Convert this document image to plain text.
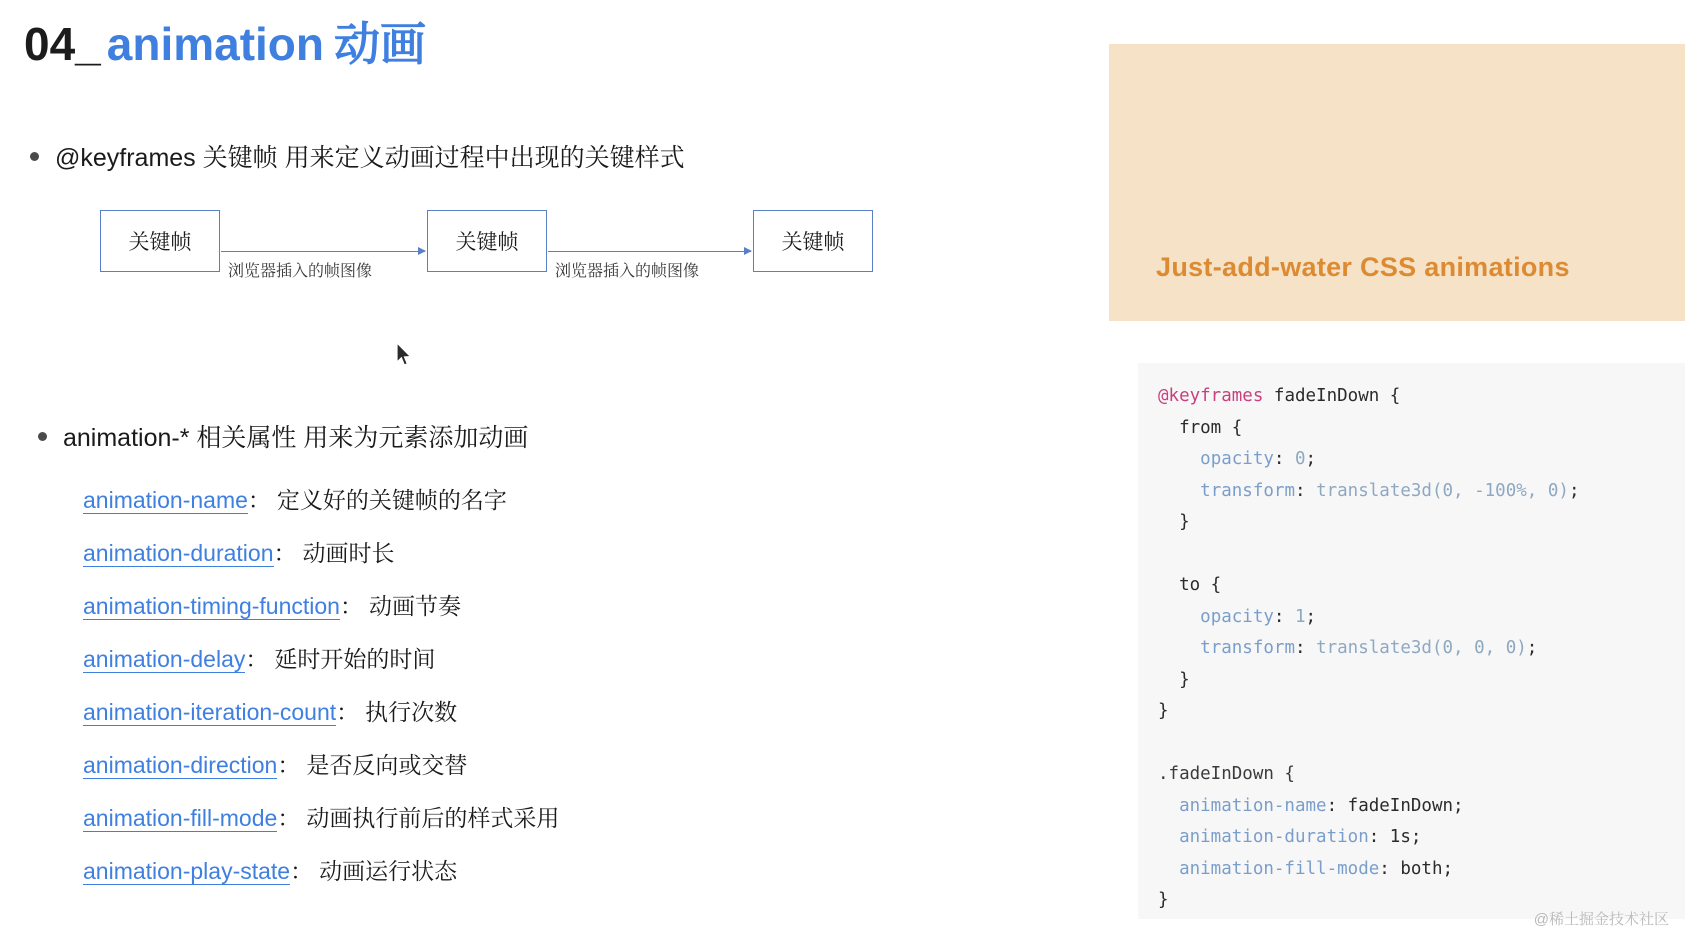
04_ animation 动画
@keyframes 关键帧 用来定义动画过程中出现的关键样式
关键帧	关键帧	关键帧
浏览器插入的帧图像	浏览器插入的帧图像
animation-* 相关属性 用来为元素添加动画
animation-name ： 定义好的关键帧的名字
animation-duration ： 动画时长
animation-timing-function ： 动画节奏
animation-delay ： 延时开始的时间
animation-iteration-count ： 执行次数
animation-direction ： 是否反向或交替
animation-fill-mode ： 动画执行前后的样式采用
animation-play-state ： 动画运行状态
Just-add-water CSS animations
@keyframes fadeInDown {
from {
opacity: 0;
transform: translate3d(0, -100%, 0);
}

to {
opacity: 1;
transform: translate3d(0, 0, 0);
}
}

.fadeInDown {
animation-name: fadeInDown;
animation-duration: 1s;
animation-fill-mode: both;
}
@稀土掘金技术社区
